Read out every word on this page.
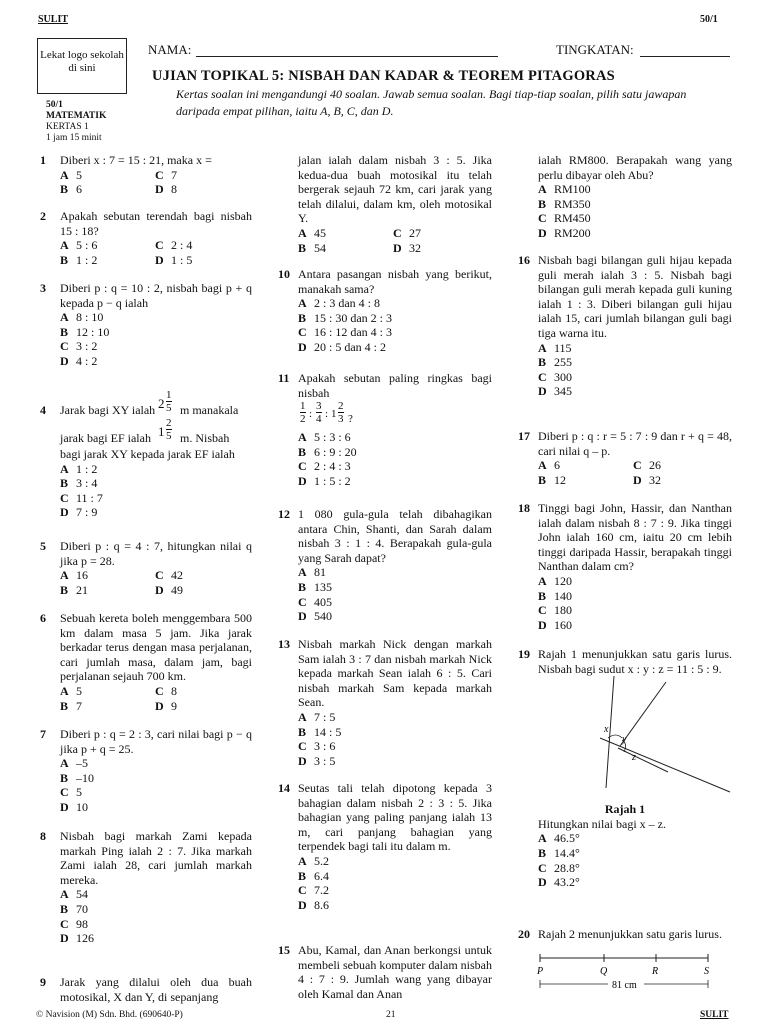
SULIT	50/1
Lekat logo sekolah di sini
NAMA:	TINGKATAN:
UJIAN TOPIKAL 5: NISBAH DAN KADAR & TEOREM PITAGORAS
Kertas soalan ini mengandungi 40 soalan. Jawab semua soalan. Bagi tiap-tiap soalan, pilih satu jawapan
daripada empat pilihan, iaitu A, B, C, dan D.
50/1
MATEMATIK
KERTAS 1
1 jam 15 minit
1 Diberi x : 7 = 15 : 21, maka x =
A 5	C 7
B 6	D 8
2 Apakah sebutan terendah bagi nisbah 15 : 18?
A 5 : 6	C 2 : 4
B 1 : 2	D 1 : 5
3 Diberi p : q = 10 : 2, nisbah bagi p + q kepada p − q ialah
A 8 : 10
B 12 : 10
C 3 : 2
D 4 : 2
4 Jarak bagi XY ialah 2
1
5 m manakala
jarak bagi EF ialah 1
2
5 m. Nisbah
bagi jarak XY kepada jarak EF ialah
A 1 : 2
B 3 : 4
C 11 : 7
D 7 : 9
5 Diberi p : q = 4 : 7, hitungkan nilai q jika p = 28.
A 16	C 42
B 21	D 49
6 Sebuah kereta boleh menggembara 500 km dalam masa 5 jam. Jika jarak berkadar terus dengan masa perjalanan, cari jumlah masa, dalam jam, bagi perjalanan sejauh 700 km.
A 5	C 8
B 7	D 9
7 Diberi p : q = 2 : 3, cari nilai bagi p − q jika p + q = 25.
A –5
B –10
C 5
D 10
8 Nisbah bagi markah Zami kepada markah Ping ialah 2 : 7. Jika markah Zami ialah 28, cari jumlah markah mereka.
A 54
B 70
C 98
D 126
9 Jarak yang dilalui oleh dua buah motosikal, X dan Y, di sepanjang
jalan ialah dalam nisbah 3 : 5. Jika kedua-dua buah motosikal itu telah bergerak sejauh 72 km, cari jarak yang telah dilalui, dalam km, oleh motosikal Y.
A 45	C 27
B 54	D 32
10 Antara pasangan nisbah yang berikut, manakah sama?
A 2 : 3 dan 4 : 8
B 15 : 30 dan 2 : 3
C 16 : 12 dan 4 : 3
D 20 : 5 dan 4 : 2
11 Apakah sebutan paling ringkas bagi nisbah
1
2 :
3
4 : 1
2
3 ?
A 5 : 3 : 6
B 6 : 9 : 20
C 2 : 4 : 3
D 1 : 5 : 2
12 1 080 gula-gula telah dibahagikan antara Chin, Shanti, dan Sarah dalam nisbah 3 : 1 : 4. Berapakah gula-gula yang Sarah dapat?
A 81
B 135
C 405
D 540
13 Nisbah markah Nick dengan markah Sam ialah 3 : 7 dan nisbah markah Nick kepada markah Sean ialah 6 : 5. Cari nisbah markah Sam kepada markah Sean.
A 7 : 5
B 14 : 5
C 3 : 6
D 3 : 5
14 Seutas tali telah dipotong kepada 3 bahagian dalam nisbah 2 : 3 : 5. Jika bahagian yang paling panjang ialah 13 m, cari panjang bahagian yang terpendek bagi tali itu dalam m.
A 5.2
B 6.4
C 7.2
D 8.6
15 Abu, Kamal, dan Anan berkongsi untuk membeli sebuah komputer dalam nisbah 4 : 7 : 9. Jumlah wang yang dibayar oleh Kamal dan Anan
ialah RM800. Berapakah wang yang perlu dibayar oleh Abu?
A RM100
B RM350
C RM450
D RM200
16 Nisbah bagi bilangan guli hijau kepada guli merah ialah 3 : 5. Nisbah bagi bilangan guli merah kepada guli kuning ialah 1 : 3. Diberi bilangan guli hijau ialah 15, cari jumlah bilangan guli bagi tiga warna itu.
A 115
B 255
C 300
D 345
17 Diberi p : q : r = 5 : 7 : 9 dan r + q = 48, cari nilai q – p.
A 6	C 26
B 12	D 32
18 Tinggi bagi John, Hassir, dan Nanthan ialah dalam nisbah 8 : 7 : 9. Jika tinggi John ialah 160 cm, iaitu 20 cm lebih tinggi daripada Hassir, berapakah tinggi Nanthan dalam cm?
A 120
B 140
C 180
D 160
19 Rajah 1 menunjukkan satu garis lurus. Nisbah bagi sudut x : y : z = 11 : 5 : 9.
x
y
z
Rajah 1
Hitungkan nilai bagi x – z.
A 46.5°
B 14.4°
C 28.8°
D 43.2°
20 Rajah 2 menunjukkan satu garis lurus.
P	Q	R	S
81 cm
© Navision (M) Sdn. Bhd. (690640-P)	21	SULIT
